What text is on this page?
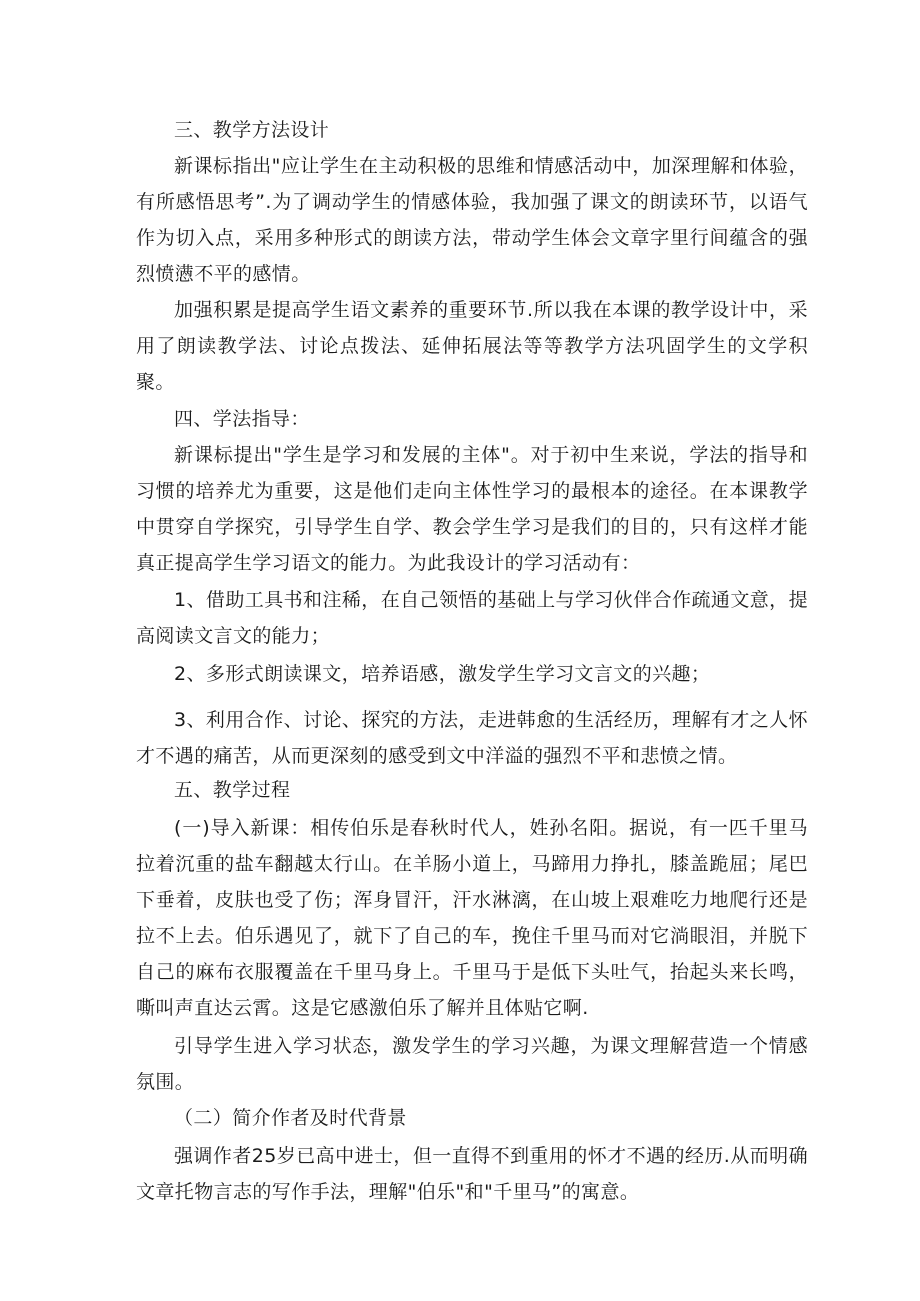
三、教学方法设计

新课标指出"应让学生在主动积极的思维和情感活动中，加深理解和体验，有所感悟思考”.为了调动学生的情感体验，我加强了课文的朗读环节，以语气作为切入点，采用多种形式的朗读方法，带动学生体会文章字里行间蕴含的强烈愤懑不平的感情。

加强积累是提高学生语文素养的重要环节.所以我在本课的教学设计中，采用了朗读教学法、讨论点拨法、延伸拓展法等等教学方法巩固学生的文学积聚。

四、学法指导：

新课标提出"学生是学习和发展的主体"。对于初中生来说，学法的指导和习惯的培养尤为重要，这是他们走向主体性学习的最根本的途径。在本课教学中贯穿自学探究，引导学生自学、教会学生学习是我们的目的，只有这样才能真正提高学生学习语文的能力。为此我设计的学习活动有：

1、借助工具书和注稀，在自己领悟的基础上与学习伙伴合作疏通文意，提高阅读文言文的能力；

2、多形式朗读课文，培养语感，激发学生学习文言文的兴趣；

3、利用合作、讨论、探究的方法，走进韩愈的生活经历，理解有才之人怀才不遇的痛苦，从而更深刻的感受到文中洋溢的强烈不平和悲愤之情。

五、教学过程

(一)导入新课：相传伯乐是春秋时代人，姓孙名阳。据说，有一匹千里马拉着沉重的盐车翻越太行山。在羊肠小道上，马蹄用力挣扎，膝盖跪屈；尾巴下垂着，皮肤也受了伤；浑身冒汗，汗水淋漓，在山坡上艰难吃力地爬行还是拉不上去。伯乐遇见了，就下了自己的车，挽住千里马而对它淌眼泪，并脱下自己的麻布衣服覆盖在千里马身上。千里马于是低下头吐气，抬起头来长鸣，嘶叫声直达云霄。这是它感激伯乐了解并且体贴它啊.

引导学生进入学习状态，激发学生的学习兴趣，为课文理解营造一个情感氛围。

（二）简介作者及时代背景

强调作者25岁已高中进士，但一直得不到重用的怀才不遇的经历.从而明确文章托物言志的写作手法，理解"伯乐"和"千里马”的寓意。
